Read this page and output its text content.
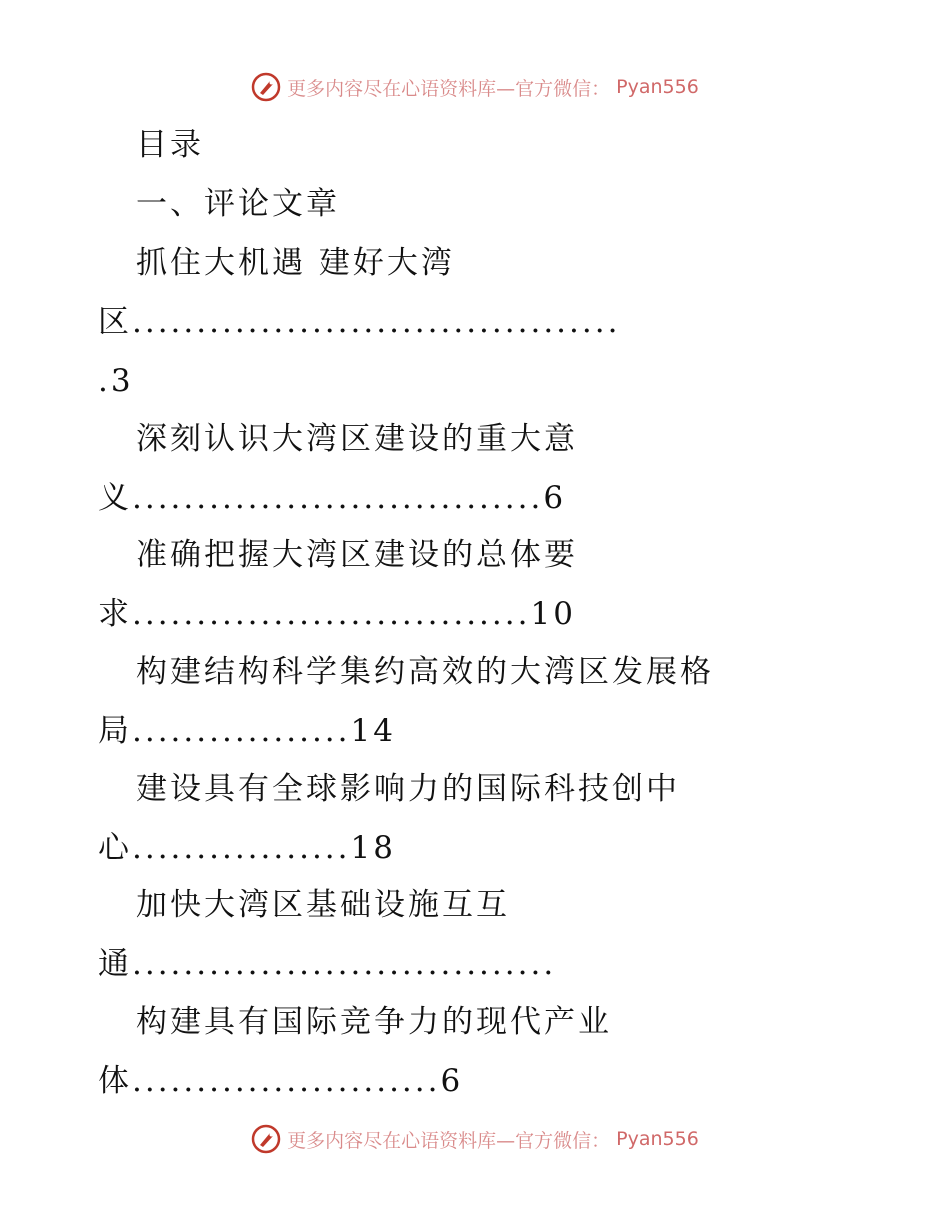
更多内容尽在心语资料库—官方微信： Pyan556
目录
一、评论文章
抓住大机遇 建好大湾
区......................................
.3
深刻认识大湾区建设的重大意
义................................6
准确把握大湾区建设的总体要
求...............................10
构建结构科学集约高效的大湾区发展格
局.................14
建设具有全球影响力的国际科技创中
心.................18
加快大湾区基础设施互互
通.................................
构建具有国际竞争力的现代产业
体........................6
更多内容尽在心语资料库—官方微信： Pyan556
